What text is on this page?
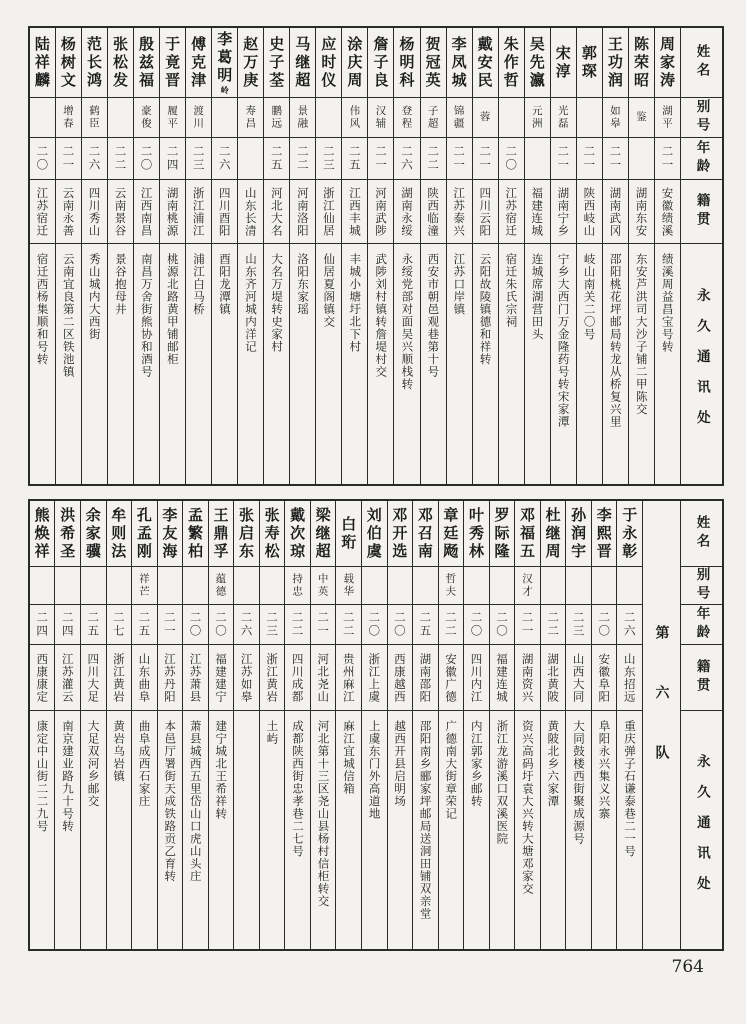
姓名
别号
年龄
籍贯
永久通讯处
周家涛
湖平
二一
安徽绩溪
绩溪周益昌宝号转
陈荣昭
鉴
湖南东安
东安芦洪司大沙子铺二甲陈交
王功润
如皋
二一
湖南武冈
邵阳桃花坪邮局转龙从桥复兴里
郭琛
二一
陕西岐山
岐山南关二〇号
宋淳
光磊
二一
湖南宁乡
宁乡大西门万金隆药号转宋家潭
吴先瀛
元洲
福建连城
连城席湖营田头
朱作哲
二〇
江苏宿迁
宿迁朱氏宗祠
戴安民
蓉
二一
四川云阳
云阳故陵镇德和祥转
李凤城
锦疆
二一
江苏泰兴
江苏口岸镇
贺冠英
子超
二二
陕西临潼
西安市朝邑观巷第十号
杨明科
登程
二六
湖南永绥
永绥党部对面吴兴顺栈转
詹子良
汉辅
二一
河南武陟
武陟刘村镇转詹堤村交
涂庆周
伟风
二五
江西丰城
丰城小塘圩北下村
应时仪
二三
浙江仙居
仙居夏阁镇交
马继超
景融
二二
河南洛阳
洛阳东家瑶
史子荃
鹏远
二五
河北大名
大名万堤转史家村
赵万庚
寿昌
山东长清
山东齐河城内洋记
李葛明
岭
二六
四川酉阳
酉阳龙潭镇
傅克津
渡川
二三
浙江浦江
浦江白马桥
于竟晋
履平
二四
湖南桃源
桃源北路黄甲铺邮柜
殷兹福
豪俊
二〇
江西南昌
南昌万舍街熊协和酒号
张松发
二二
云南景谷
景谷抱母井
范长鸿
鹤臣
二六
四川秀山
秀山城内大西街
杨树文
增春
二一
云南永善
云南宜良第二区铁池镇
陆祥麟
二〇
江苏宿迁
宿迁西杨集顺和号转
姓名
别号
年龄
籍贯
永久通讯处
第六队
于永彰
二六
山东招远
重庆弹子石谦泰巷二一号
李熙晋
二〇
安徽阜阳
阜阳永兴集义兴寨
孙润宇
二三
山西大同
大同鼓楼西街聚成源号
杜继周
二二
湖北黄陂
黄陂北乡六家潭
邓福五
汉才
二一
湖南资兴
资兴高码圩袁大兴转大塘邓家交
罗际隆
二〇
福建连城
浙江龙游溪口双溪医院
叶秀林
二〇
四川内江
内江郭家乡邮转
章廷飏
哲夫
二二
安徽广德
广德南大街章荣记
邓召南
二五
湖南邵阳
邵阳南乡郦家坪邮局送洞田铺双亲堂
邓开选
二〇
西康越西
越西开县启明场
刘伯虞
二〇
浙江上虞
上虞东门外高道地
白珩
载华
二二
贵州麻江
麻江宜城信箱
梁继超
中英
二一
河北尧山
河北第十三区尧山县杨村信柜转交
戴次琼
持忠
二二
四川成都
成都陕西街忠孝巷二七号
张寿松
二三
浙江黄岩
土屿
张启东
二六
江苏如皋
王鼎孚
蕴德
二〇
福建建宁
建宁城北王希祥转
孟繁柏
二〇
江苏萧县
萧县城西五里岱山口虎山头庄
李友海
二一
江苏丹阳
本邑厅署街天成铁路贡乙育转
孔孟刚
祥芒
二五
山东曲阜
曲阜成西石家庄
牟则法
二七
浙江黄岩
黄岩乌岩镇
余家骥
二五
四川大足
大足双河乡邮交
洪希圣
二四
江苏灌云
南京建业路九十号转
熊焕祥
二四
西康康定
康定中山街二二九号
764
